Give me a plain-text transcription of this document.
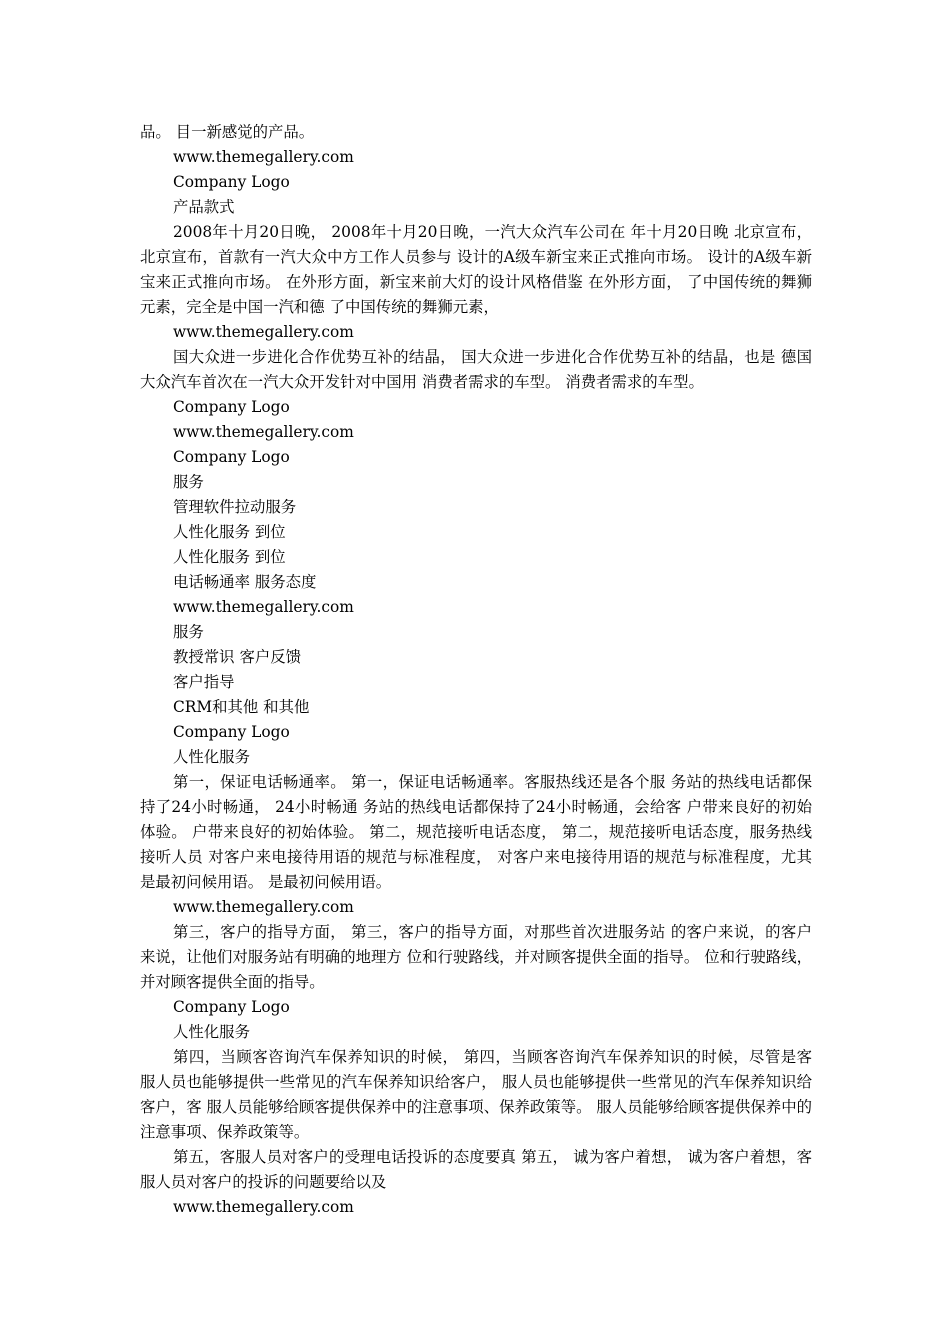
品。 目一新感觉的产品。

www.themegallery.com

Company Logo

产品款式

2008年十月20日晚， 2008年十月20日晚，一汽大众汽车公司在 年十月20日晚 北京宣布， 北京宣布，首款有一汽大众中方工作人员参与 设计的A级车新宝来正式推向市场。 设计的A级车新宝来正式推向市场。 在外形方面，新宝来前大灯的设计风格借鉴 在外形方面， 了中国传统的舞狮元素，完全是中国一汽和德 了中国传统的舞狮元素，

www.themegallery.com

国大众进一步进化合作优势互补的结晶， 国大众进一步进化合作优势互补的结晶，也是 德国大众汽车首次在一汽大众开发针对中国用 消费者需求的车型。 消费者需求的车型。

Company Logo

www.themegallery.com

Company Logo

服务

管理软件拉动服务

人性化服务 到位

人性化服务 到位

电话畅通率 服务态度

www.themegallery.com

服务

教授常识 客户反馈

客户指导

CRM和其他 和其他

Company Logo

人性化服务

第一，保证电话畅通率。 第一，保证电话畅通率。客服热线还是各个服 务站的热线电话都保持了24小时畅通， 24小时畅通 务站的热线电话都保持了24小时畅通，会给客 户带来良好的初始体验。 户带来良好的初始体验。 第二，规范接听电话态度， 第二，规范接听电话态度，服务热线接听人员 对客户来电接待用语的规范与标准程度， 对客户来电接待用语的规范与标准程度，尤其 是最初问候用语。 是最初问候用语。

www.themegallery.com

第三，客户的指导方面， 第三，客户的指导方面，对那些首次进服务站 的客户来说，的客户来说，让他们对服务站有明确的地理方 位和行驶路线，并对顾客提供全面的指导。 位和行驶路线，并对顾客提供全面的指导。

Company Logo

人性化服务

第四，当顾客咨询汽车保养知识的时候， 第四，当顾客咨询汽车保养知识的时候，尽管是客 服人员也能够提供一些常见的汽车保养知识给客户， 服人员也能够提供一些常见的汽车保养知识给客户，客 服人员能够给顾客提供保养中的注意事项、保养政策等。 服人员能够给顾客提供保养中的注意事项、保养政策等。

第五，客服人员对客户的受理电话投诉的态度要真 第五， 诚为客户着想， 诚为客户着想，客服人员对客户的投诉的问题要给以及

www.themegallery.com
